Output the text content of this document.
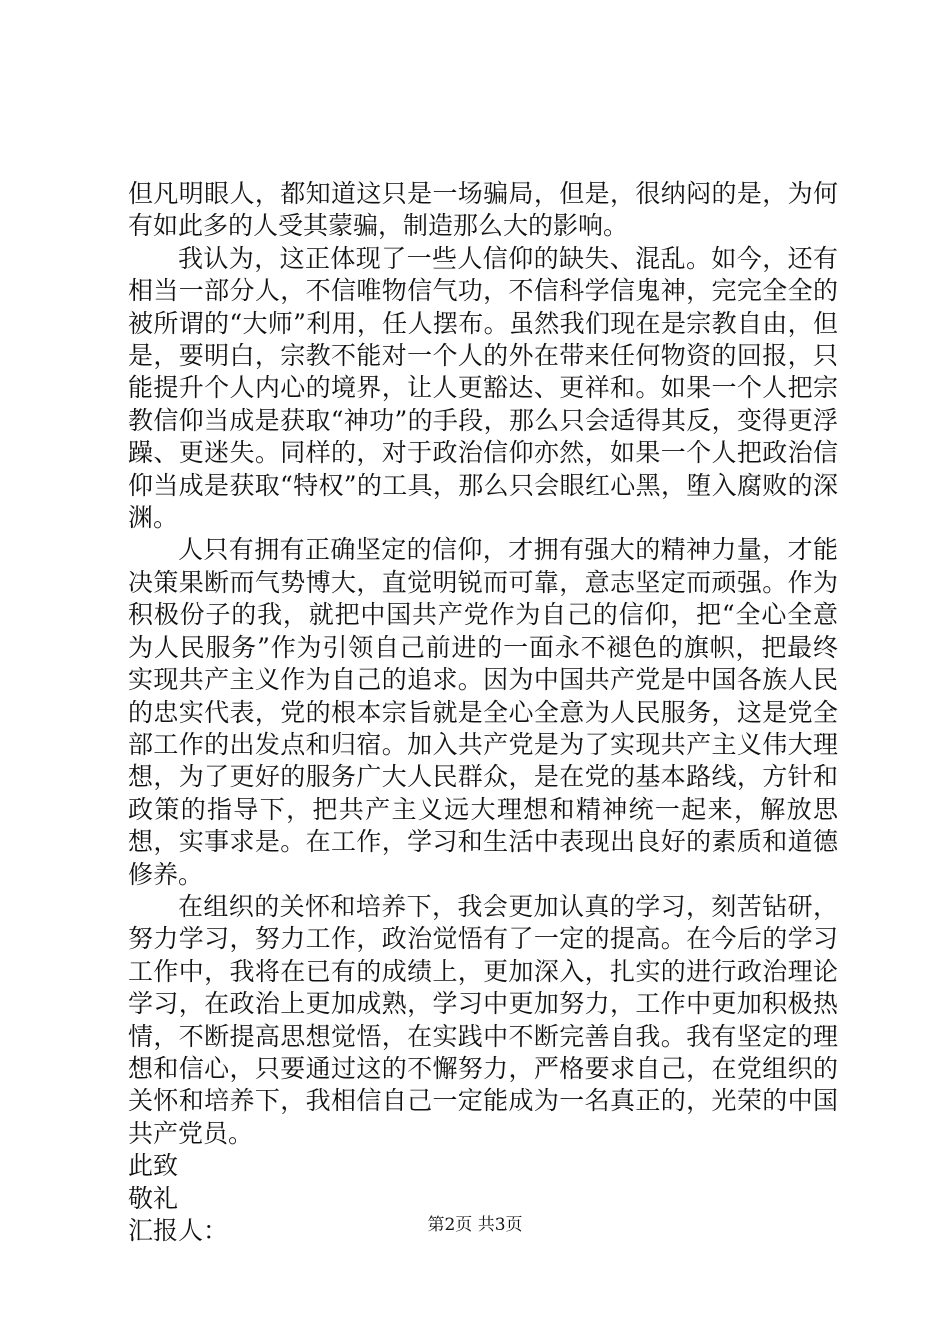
但凡明眼人，都知道这只是一场骗局，但是，很纳闷的是，为何有如此多的人受其蒙骗，制造那么大的影响。

我认为，这正体现了一些人信仰的缺失、混乱。如今，还有相当一部分人，不信唯物信气功，不信科学信鬼神，完完全全的被所谓的“大师”利用，任人摆布。虽然我们现在是宗教自由，但是，要明白，宗教不能对一个人的外在带来任何物资的回报，只能提升个人内心的境界，让人更豁达、更祥和。如果一个人把宗教信仰当成是获取“神功”的手段，那么只会适得其反，变得更浮躁、更迷失。同样的，对于政治信仰亦然，如果一个人把政治信仰当成是获取“特权”的工具，那么只会眼红心黑，堕入腐败的深渊。

人只有拥有正确坚定的信仰，才拥有强大的精神力量，才能决策果断而气势博大，直觉明锐而可靠，意志坚定而顽强。作为积极份子的我，就把中国共产党作为自己的信仰，把“全心全意为人民服务”作为引领自己前进的一面永不褪色的旗帜，把最终实现共产主义作为自己的追求。因为中国共产党是中国各族人民的忠实代表，党的根本宗旨就是全心全意为人民服务，这是党全部工作的出发点和归宿。加入共产党是为了实现共产主义伟大理想，为了更好的服务广大人民群众，是在党的基本路线，方针和政策的指导下，把共产主义远大理想和精神统一起来，解放思想，实事求是。在工作，学习和生活中表现出良好的素质和道德修养。

在组织的关怀和培养下，我会更加认真的学习，刻苦钻研，努力学习，努力工作，政治觉悟有了一定的提高。在今后的学习工作中，我将在已有的成绩上，更加深入，扎实的进行政治理论学习，在政治上更加成熟，学习中更加努力，工作中更加积极热情，不断提高思想觉悟，在实践中不断完善自我。我有坚定的理想和信心，只要通过这的不懈努力，严格要求自己，在党组织的关怀和培养下，我相信自己一定能成为一名真正的，光荣的中国共产党员。

此致

敬礼

汇报人：	第2页 共3页
